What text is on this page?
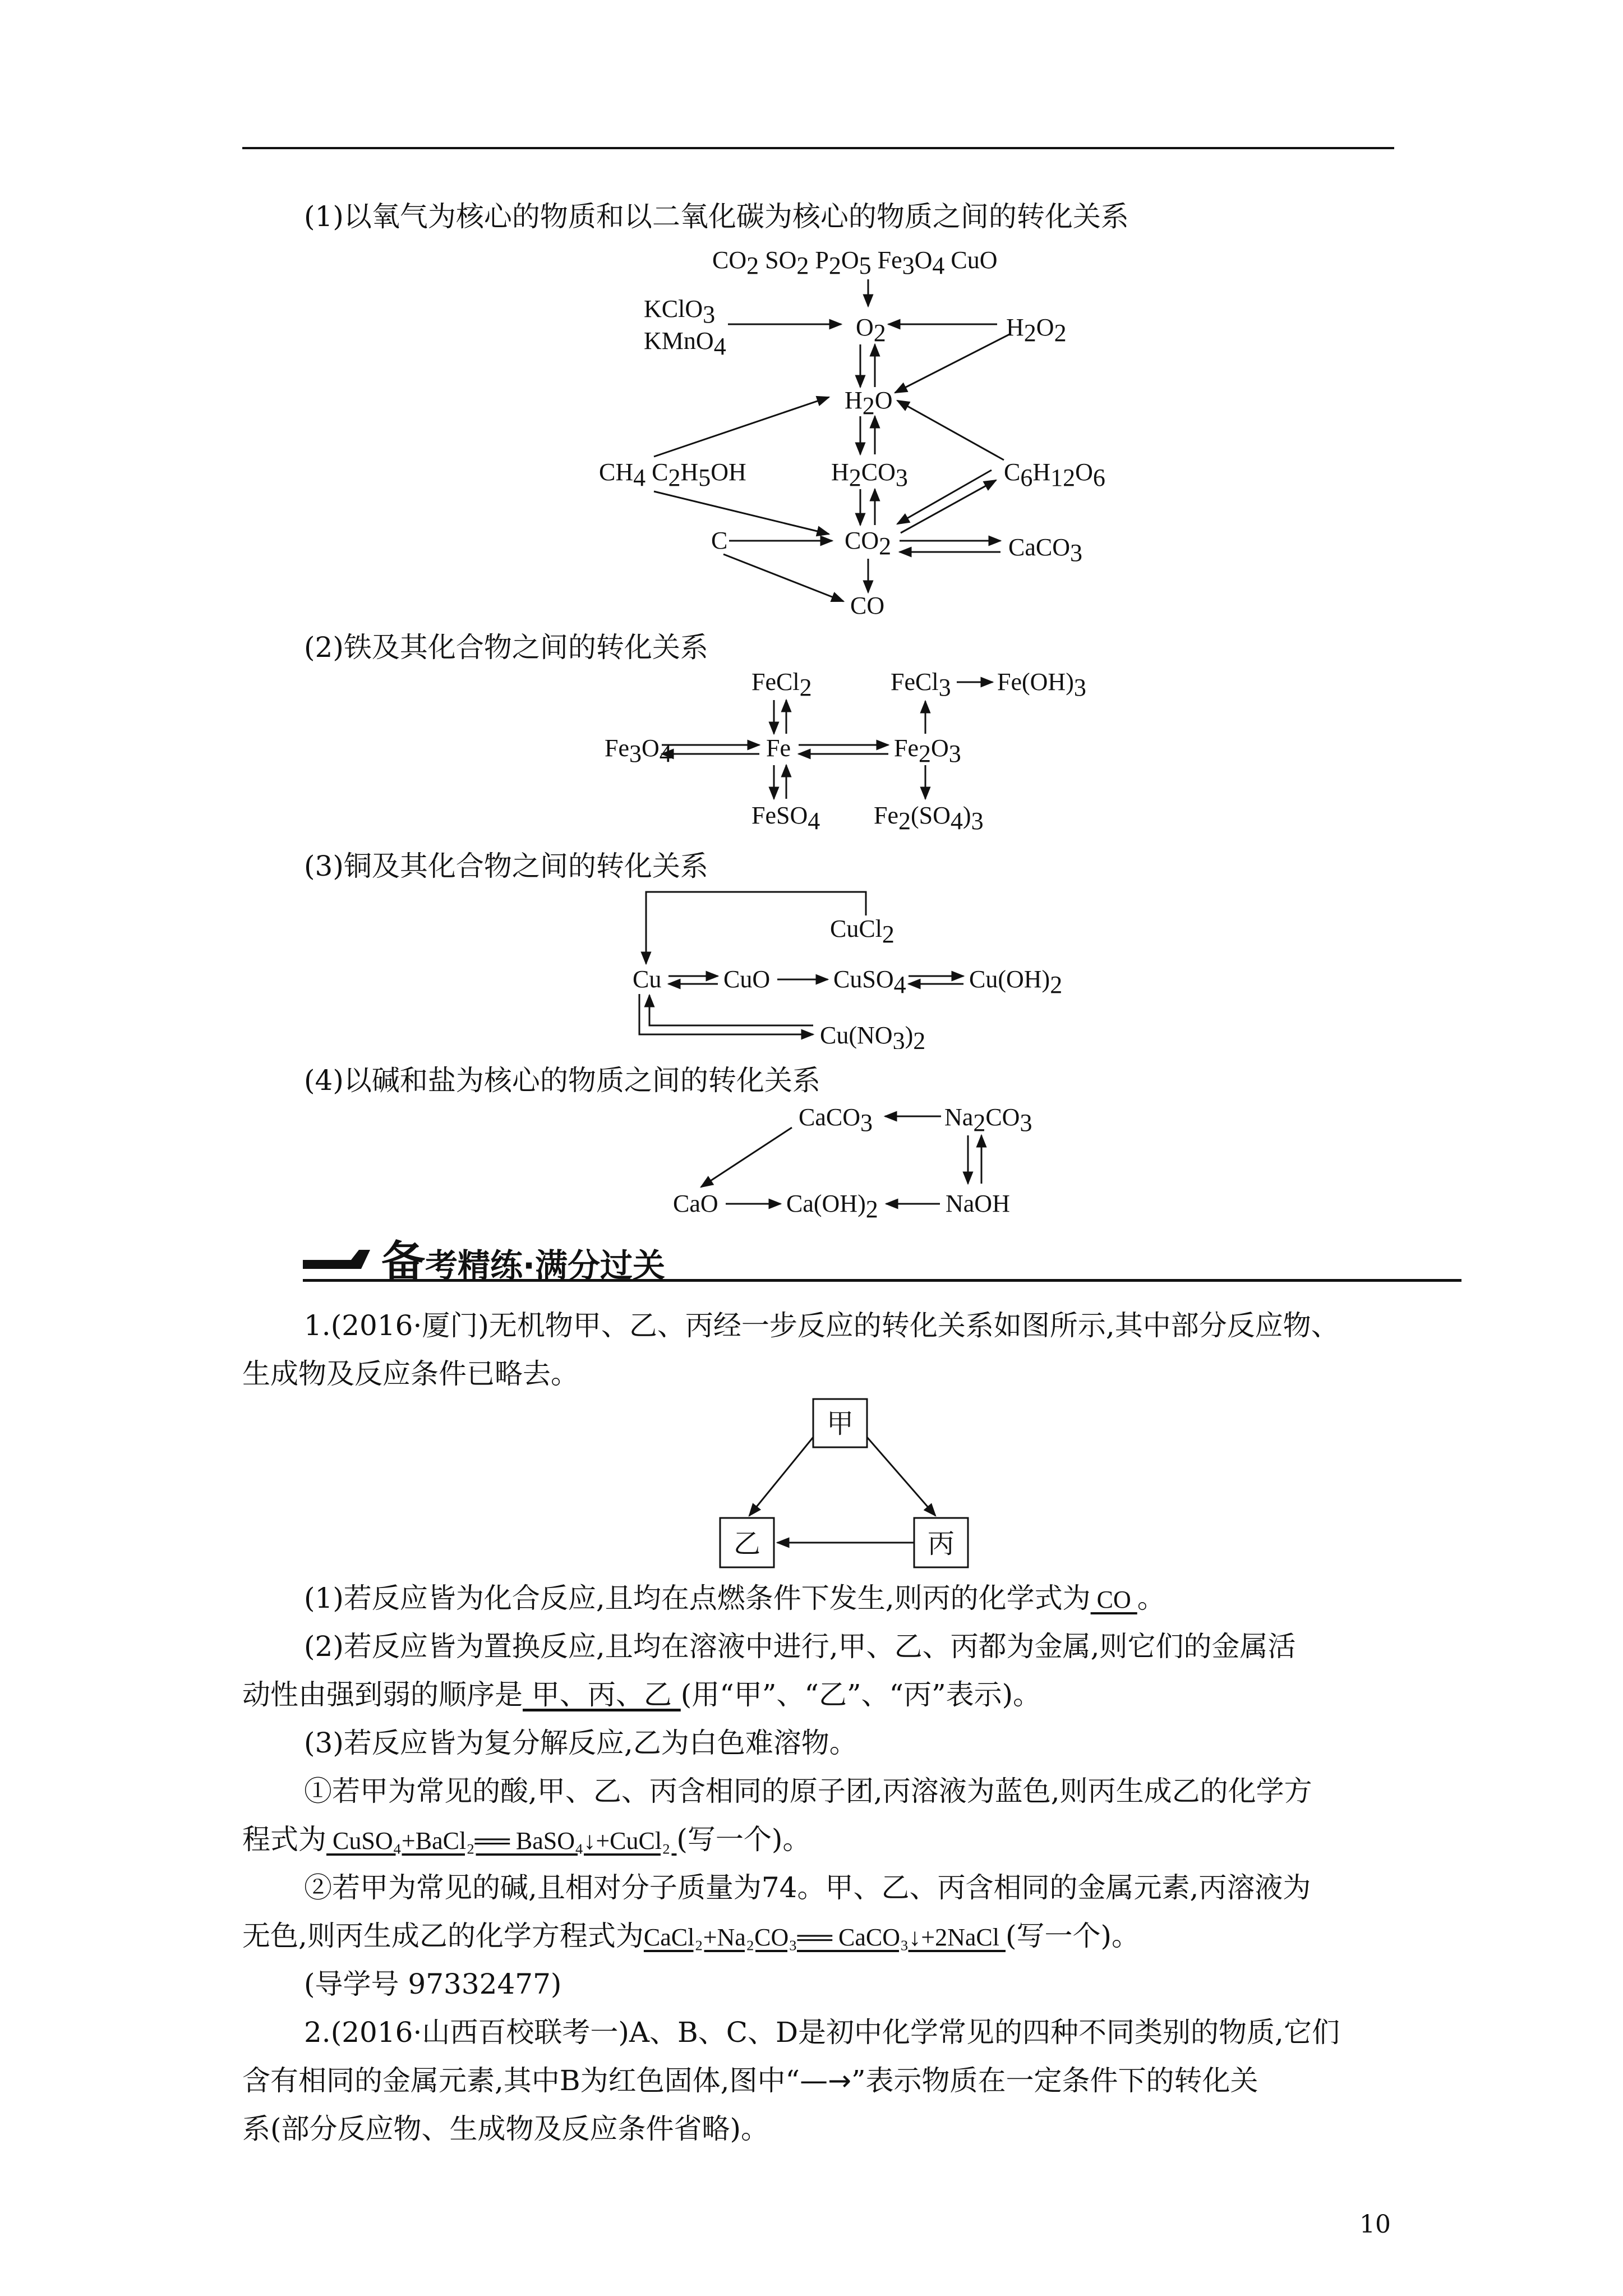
(1)以氧气为核心的物质和以二氧化碳为核心的物质之间的转化关系
CO2 SO2 P2O5 Fe3O4 CuO
KClO3
KMnO4
O2	H2O2
H2O
CH4 C2H5OH	H2CO3	C6H12O6
C	CO2	CaCO3
CO
(2)铁及其化合物之间的转化关系
FeCl2	FeCl3 Fe(OH)3
Fe3O4	Fe	Fe2O3
FeSO4 Fe2(SO4)3
(3)铜及其化合物之间的转化关系
CuCl2
Cu	CuO	CuSO4	Cu(OH)2
Cu(NO3)2
(4)以碱和盐为核心的物质之间的转化关系
CaCO3	Na2CO3
CaO	Ca(OH)2	NaOH
备考精练·满分过关
1.(2016·厦门)无机物甲、乙、丙经一步反应的转化关系如图所示,其中部分反应物、
生成物及反应条件已略去。
甲
乙	丙
(1)若反应皆为化合反应,且均在点燃条件下发生,则丙的化学式为 CO 。
(2)若反应皆为置换反应,且均在溶液中进行,甲、乙、丙都为金属,则它们的金属活
动性由强到弱的顺序是 甲、丙、乙 (用“甲”、“乙”、“丙”表示)。
(3)若反应皆为复分解反应,乙为白色难溶物。
①若甲为常见的酸,甲、乙、丙含相同的原子团,丙溶液为蓝色,则丙生成乙的化学方
程式为 CuSO₄+BaCl₂══ BaSO₄↓+CuCl₂ (写一个)。
②若甲为常见的碱,且相对分子质量为74。甲、乙、丙含相同的金属元素,丙溶液为
无色,则丙生成乙的化学方程式为CaCl₂+Na₂CO₃══ CaCO₃↓+2NaCl (写一个)。
(导学号 97332477)
2.(2016·山西百校联考一)A、B、C、D是初中化学常见的四种不同类别的物质,它们
含有相同的金属元素,其中B为红色固体,图中“—→”表示物质在一定条件下的转化关
系(部分反应物、生成物及反应条件省略)。
10
